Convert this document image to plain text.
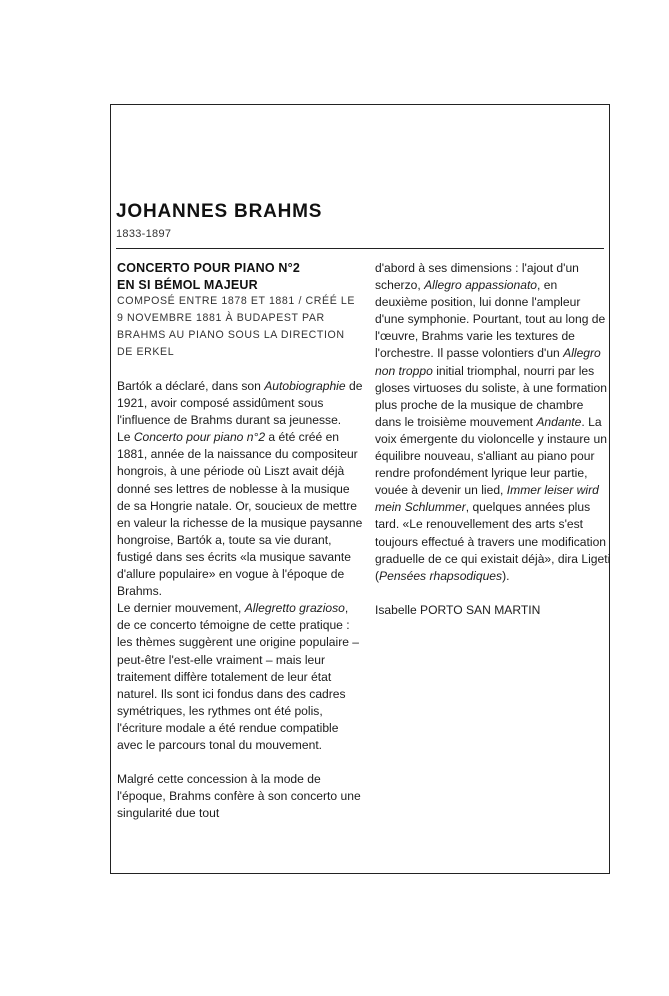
JOHANNES BRAHMS
1833-1897
CONCERTO POUR PIANO N°2
EN SI BÉMOL MAJEUR
COMPOSÉ ENTRE 1878 ET 1881 / CRÉÉ LE 9 NOVEMBRE 1881 À BUDAPEST PAR BRAHMS AU PIANO SOUS LA DIRECTION DE ERKEL

Bartók a déclaré, dans son Autobiographie de 1921, avoir composé assidûment sous l'influence de Brahms durant sa jeunesse.

Le Concerto pour piano n°2 a été créé en 1881, année de la naissance du compositeur hongrois, à une période où Liszt avait déjà donné ses lettres de noblesse à la musique de sa Hongrie natale. Or, soucieux de mettre en valeur la richesse de la musique paysanne hongroise, Bartók a, toute sa vie durant, fustigé dans ses écrits «la musique savante d'allure populaire» en vogue à l'époque de Brahms.

Le dernier mouvement, Allegretto grazioso, de ce concerto témoigne de cette pratique : les thèmes suggèrent une origine populaire – peut-être l'est-elle vraiment – mais leur traitement diffère totalement de leur état naturel. Ils sont ici fondus dans des cadres symétriques, les rythmes ont été polis, l'écriture modale a été rendue compatible avec le parcours tonal du mouvement.

Malgré cette concession à la mode de l'époque, Brahms confère à son concerto une singularité due tout

d'abord à ses dimensions : l'ajout d'un scherzo, Allegro appassionato, en deuxième position, lui donne l'ampleur d'une symphonie. Pourtant, tout au long de l'œuvre, Brahms varie les textures de l'orchestre. Il passe volontiers d'un Allegro non troppo initial triomphal, nourri par les gloses virtuoses du soliste, à une formation plus proche de la musique de chambre dans le troisième mouvement Andante. La voix émergente du violoncelle y instaure un équilibre nouveau, s'alliant au piano pour rendre profondément lyrique leur partie, vouée à devenir un lied, Immer leiser wird mein Schlummer, quelques années plus tard. «Le renouvellement des arts s'est toujours effectué à travers une modification graduelle de ce qui existait déjà», dira Ligeti (Pensées rhapsodiques).

Isabelle PORTO SAN MARTIN
